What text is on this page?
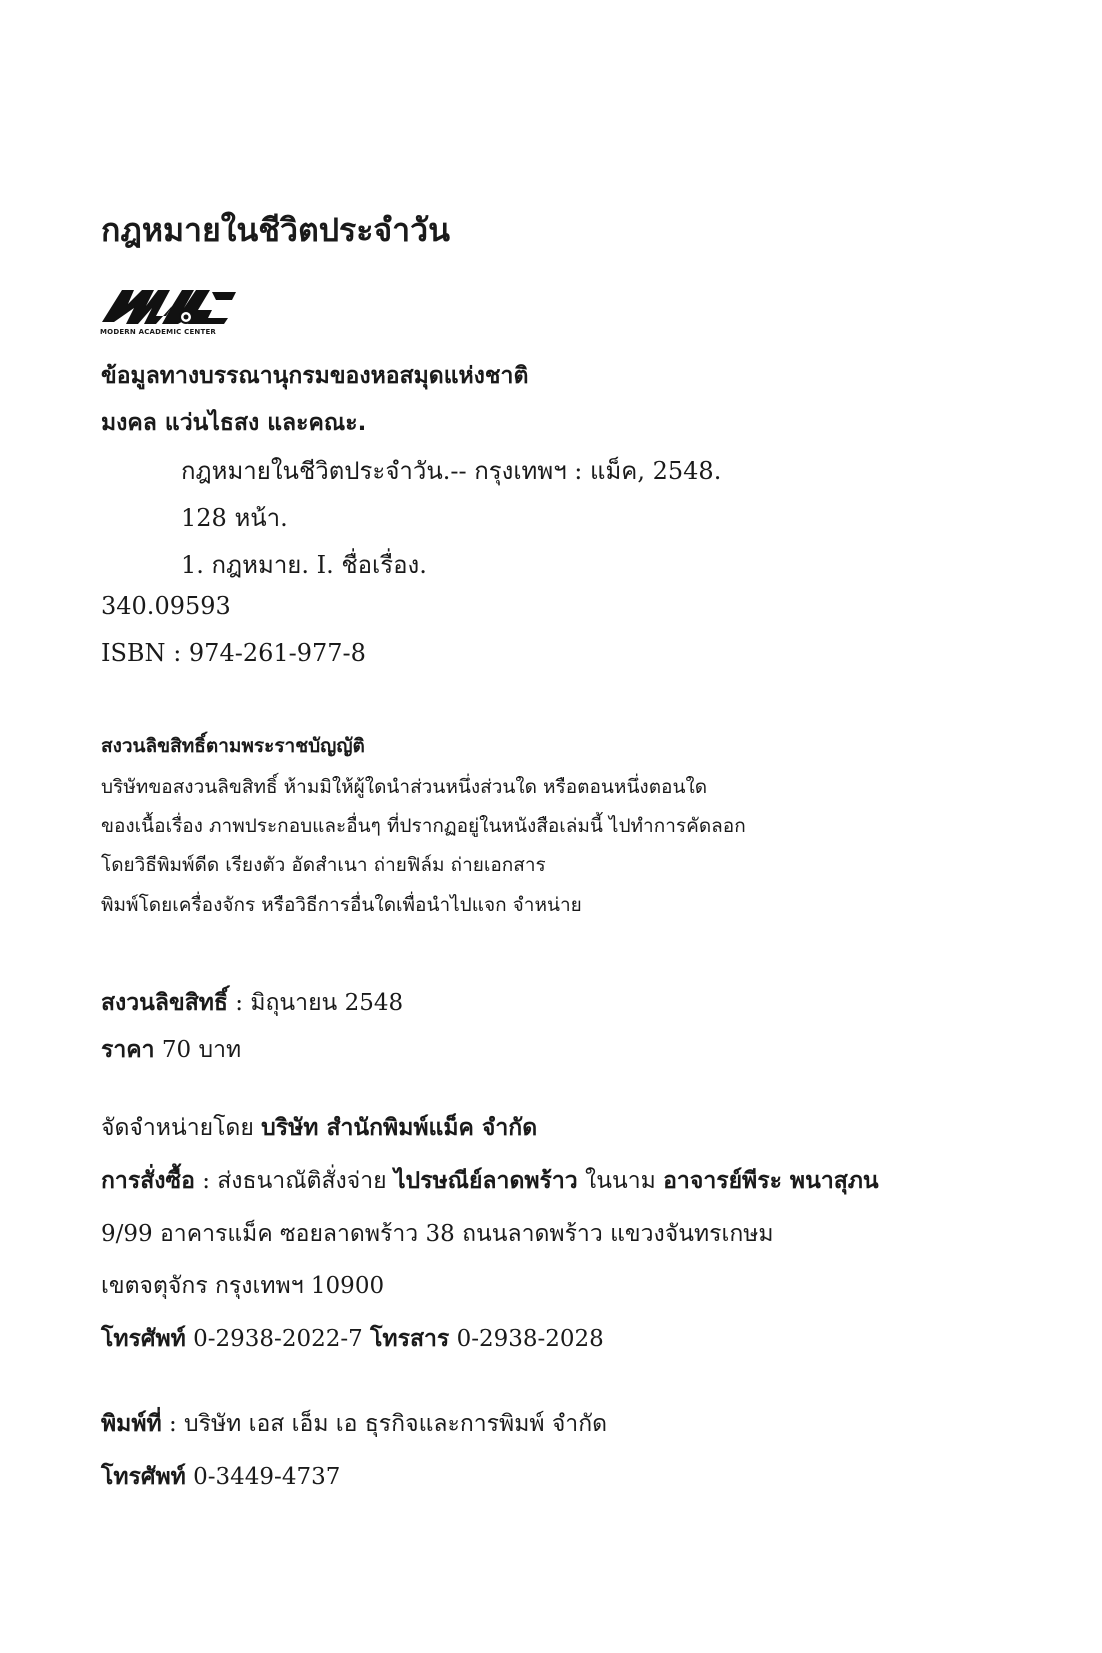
กฎหมายในชีวิตประจำวัน
MODERN ACADEMIC CENTER
ข้อมูลทางบรรณานุกรมของหอสมุดแห่งชาติ
มงคล แว่นไธสง และคณะ.
กฎหมายในชีวิตประจำวัน.-- กรุงเทพฯ : แม็ค, 2548.
128 หน้า.
1. กฎหมาย. I. ชื่อเรื่อง.
340.09593
ISBN : 974-261-977-8
สงวนลิขสิทธิ์ตามพระราชบัญญัติ
บริษัทขอสงวนลิขสิทธิ์ ห้ามมิให้ผู้ใดนำส่วนหนึ่งส่วนใด หรือตอนหนึ่งตอนใด
ของเนื้อเรื่อง ภาพประกอบและอื่นๆ ที่ปรากฏอยู่ในหนังสือเล่มนี้ ไปทำการคัดลอก
โดยวิธีพิมพ์ดีด เรียงตัว อัดสำเนา ถ่ายฟิล์ม ถ่ายเอกสาร
พิมพ์โดยเครื่องจักร หรือวิธีการอื่นใดเพื่อนำไปแจก จำหน่าย
สงวนลิขสิทธิ์ : มิถุนายน 2548
ราคา 70 บาท
จัดจำหน่ายโดย บริษัท สำนักพิมพ์แม็ค จำกัด
การสั่งซื้อ : ส่งธนาณัติสั่งจ่าย ไปรษณีย์ลาดพร้าว ในนาม อาจารย์พีระ พนาสุภน
9/99 อาคารแม็ค ซอยลาดพร้าว 38 ถนนลาดพร้าว แขวงจันทรเกษม
เขตจตุจักร กรุงเทพฯ 10900
โทรศัพท์ 0-2938-2022-7 โทรสาร 0-2938-2028
พิมพ์ที่ : บริษัท เอส เอ็ม เอ ธุรกิจและการพิมพ์ จำกัด
โทรศัพท์ 0-3449-4737
